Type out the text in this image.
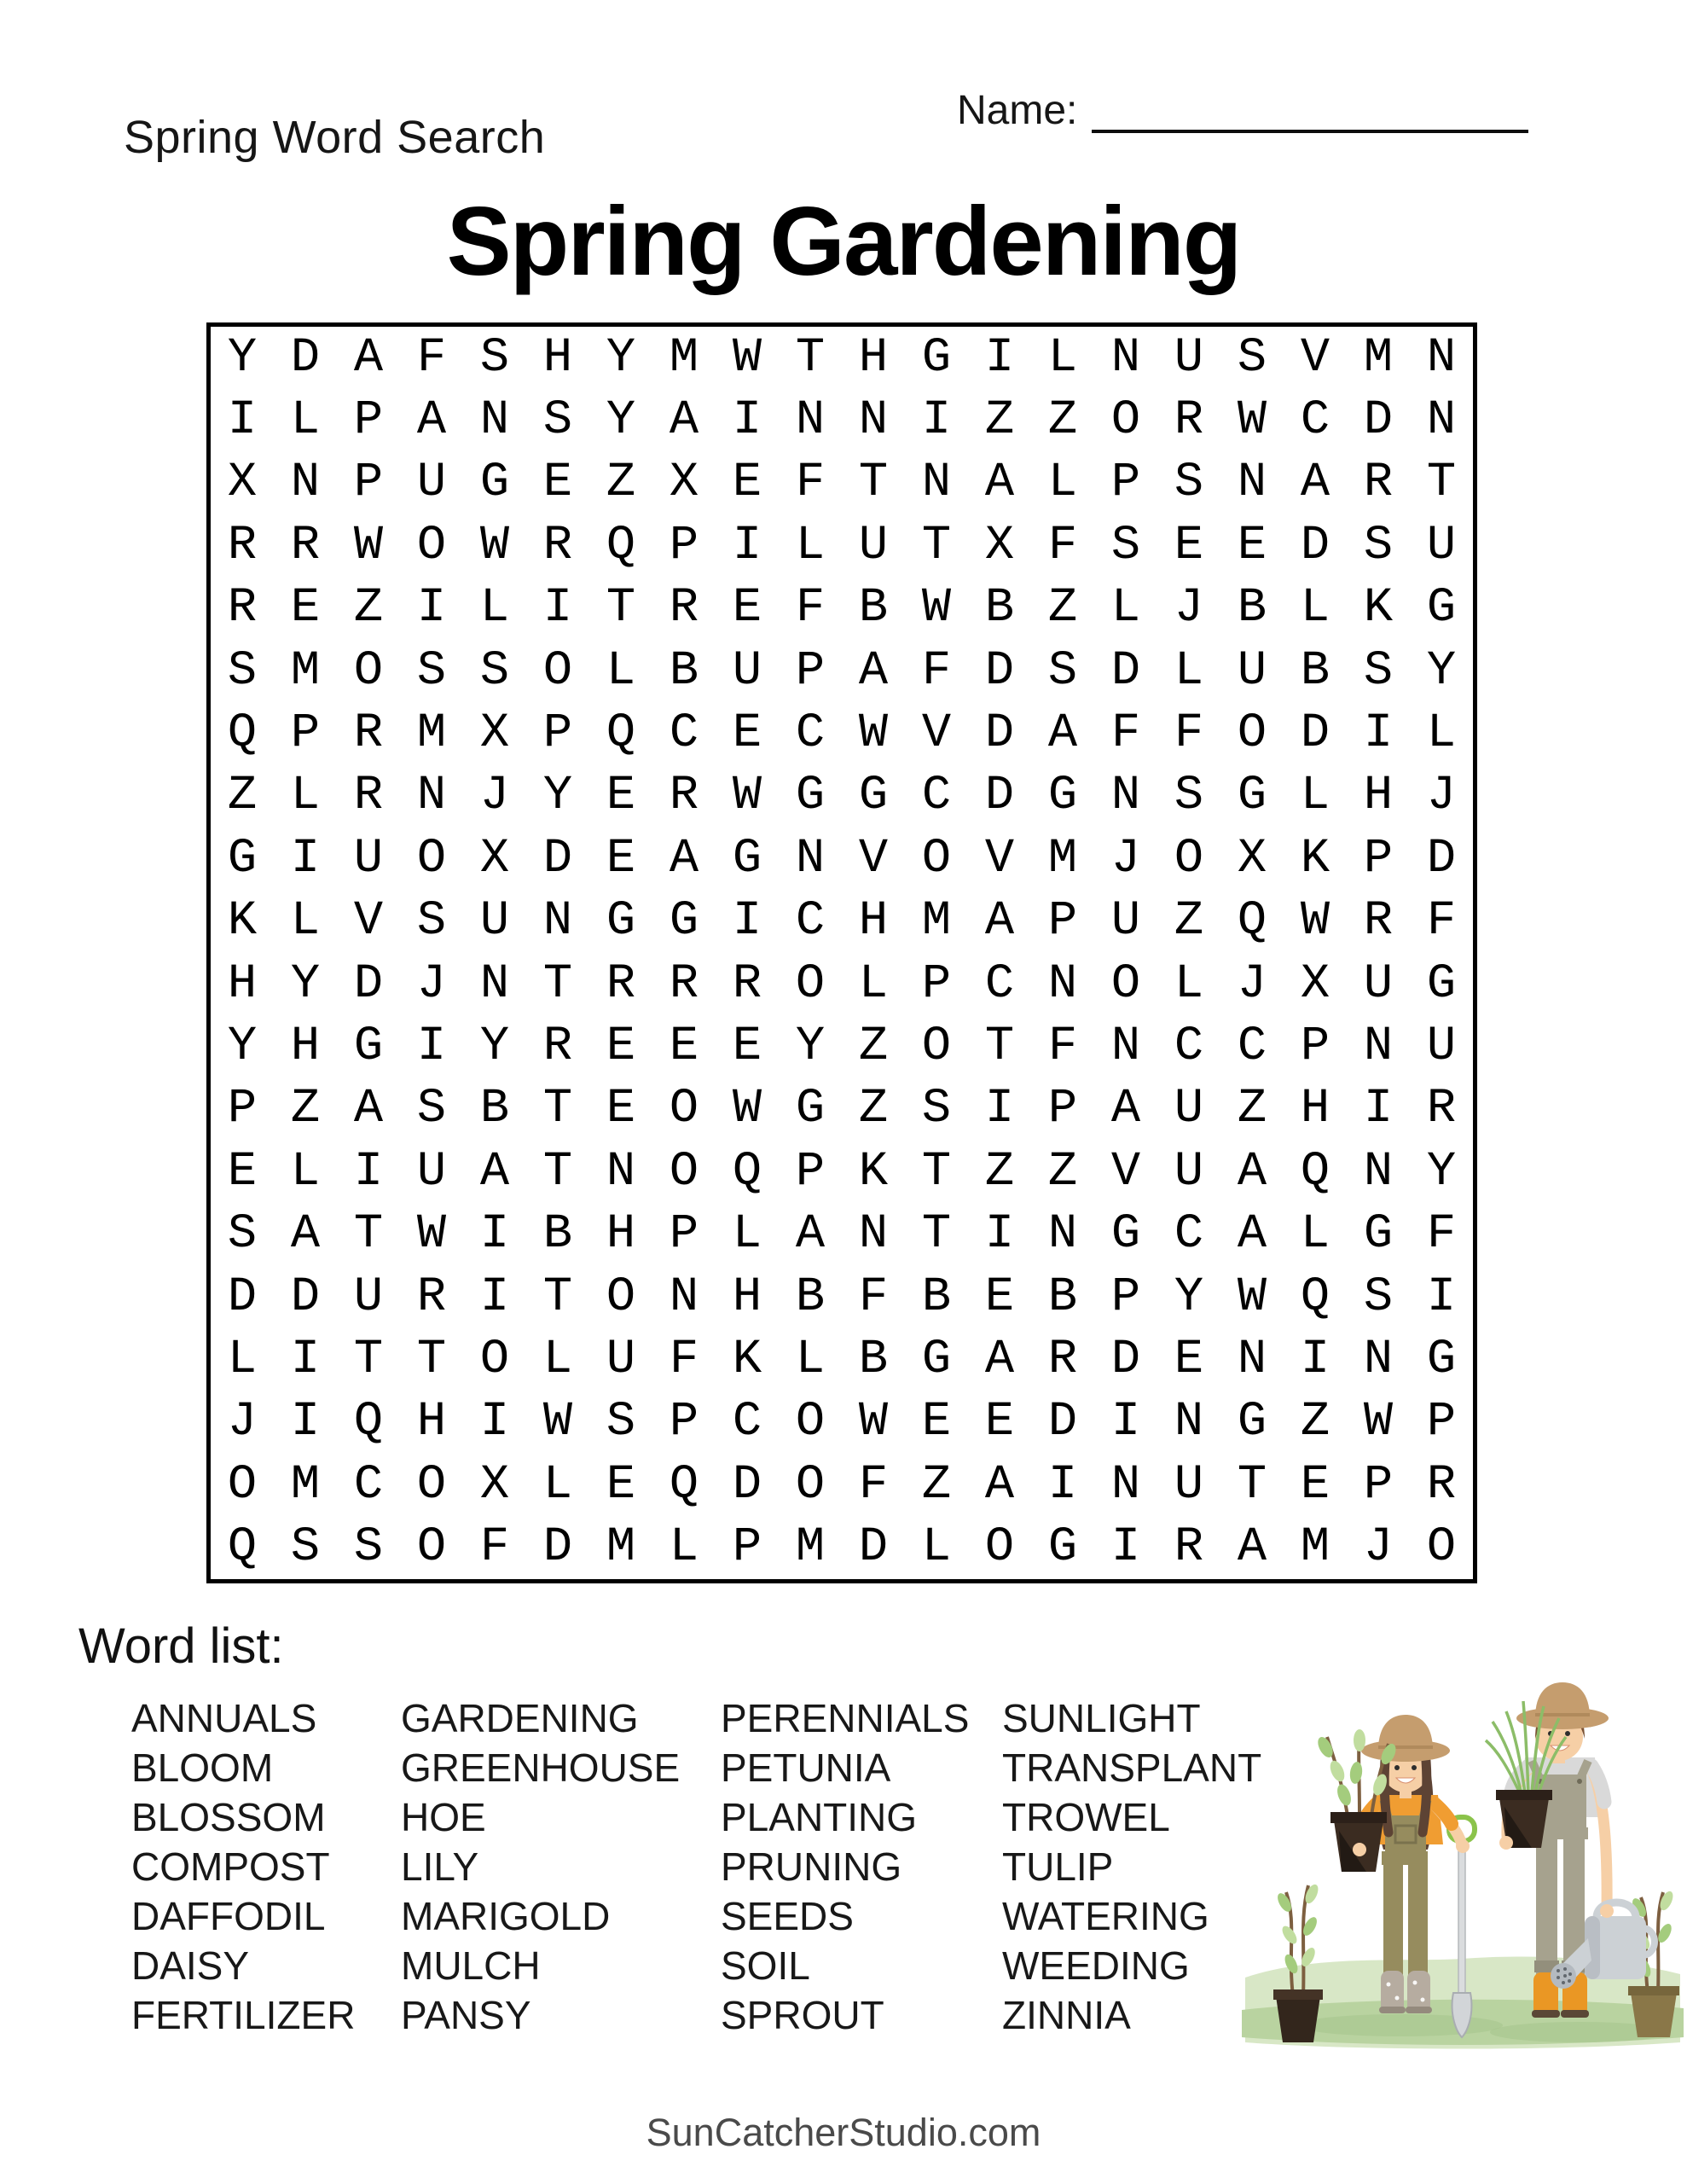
Spring Word Search
Name:
Spring Gardening
Y D A F S H Y M W T H G I L N U S V M N
I L P A N S Y A I N N I Z Z O R W C D N
X N P U G E Z X E F T N A L P S N A R T
R R W O W R Q P I L U T X F S E E D S U
R E Z I L I T R E F B W B Z L J B L K G
S M O S S O L B U P A F D S D L U B S Y
Q P R M X P Q C E C W V D A F F O D I L
Z L R N J Y E R W G G C D G N S G L H J
G I U O X D E A G N V O V M J O X K P D
K L V S U N G G I C H M A P U Z Q W R F
H Y D J N T R R R O L P C N O L J X U G
Y H G I Y R E E E Y Z O T F N C C P N U
P Z A S B T E O W G Z S I P A U Z H I R
E L I U A T N O Q P K T Z Z V U A Q N Y
S A T W I B H P L A N T I N G C A L G F
D D U R I T O N H B F B E B P Y W Q S I
L I T T O L U F K L B G A R D E N I N G
J I Q H I W S P C O W E E D I N G Z W P
O M C O X L E Q D O F Z A I N U T E P R
Q S S O F D M L P M D L O G I R A M J O
Word list:
ANNUALS
BLOOM
BLOSSOM
COMPOST
DAFFODIL
DAISY
FERTILIZER
GARDENING
GREENHOUSE
HOE
LILY
MARIGOLD
MULCH
PANSY
PERENNIALS
PETUNIA
PLANTING
PRUNING
SEEDS
SOIL
SPROUT
SUNLIGHT
TRANSPLANT
TROWEL
TULIP
WATERING
WEEDING
ZINNIA
SunCatcherStudio.com
